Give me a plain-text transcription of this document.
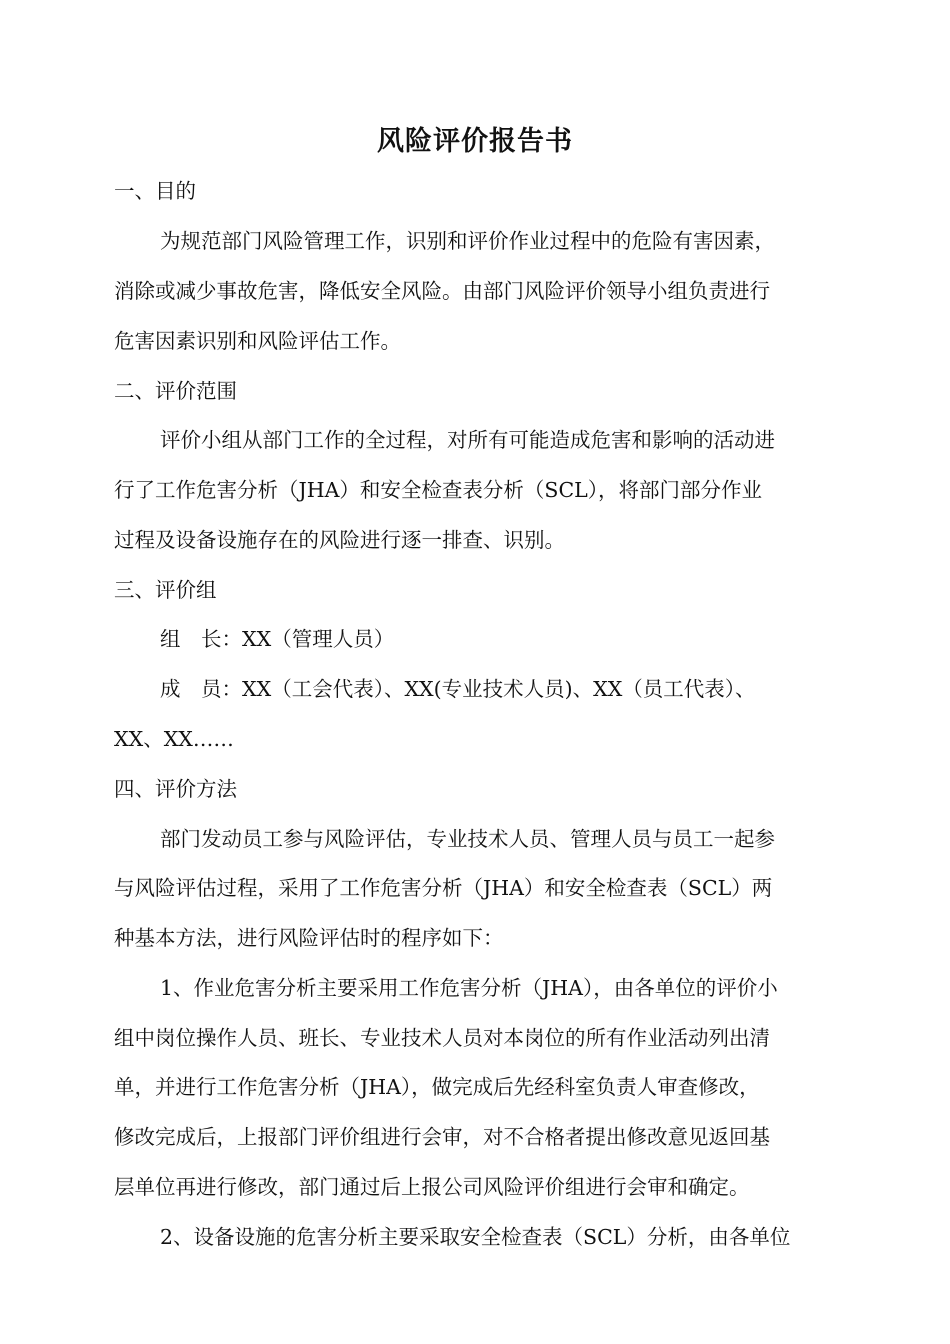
风险评价报告书

一、目的

为规范部门风险管理工作，识别和评价作业过程中的危险有害因素，

消除或减少事故危害，降低安全风险。由部门风险评价领导小组负责进行

危害因素识别和风险评估工作。

二、评价范围

评价小组从部门工作的全过程，对所有可能造成危害和影响的活动进

行了工作危害分析（JHA）和安全检查表分析（SCL），将部门部分作业

过程及设备设施存在的风险进行逐一排查、识别。

三、评价组

组　长：XX（管理人员）

成　员：XX（工会代表）、XX(专业技术人员)、XX（员工代表）、

XX、XX……

四、评价方法

部门发动员工参与风险评估，专业技术人员、管理人员与员工一起参

与风险评估过程，采用了工作危害分析（JHA）和安全检查表（SCL）两

种基本方法，进行风险评估时的程序如下：

1、作业危害分析主要采用工作危害分析（JHA），由各单位的评价小

组中岗位操作人员、班长、专业技术人员对本岗位的所有作业活动列出清

单，并进行工作危害分析（JHA），做完成后先经科室负责人审查修改，

修改完成后，上报部门评价组进行会审，对不合格者提出修改意见返回基

层单位再进行修改，部门通过后上报公司风险评价组进行会审和确定。

2、设备设施的危害分析主要采取安全检查表（SCL）分析，由各单位
